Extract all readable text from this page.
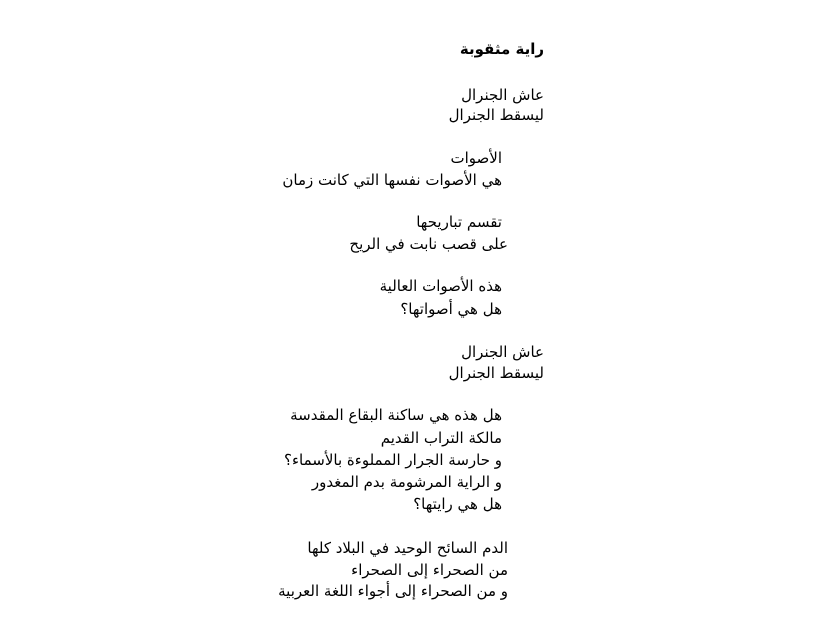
راية مثقوبة
عاش الجنرال
ليسقط الجنرال
الأصوات
هي الأصوات نفسها التي كانت زمان
تقسم تباريحها
على قصب نابت في الريح
هذه الأصوات العالية
هل هي أصواتها؟
عاش الجنرال
ليسقط الجنرال
هل هذه هي ساكنة البقاع المقدسة
مالكة التراب القديم
و حارسة الجرار المملوءة بالأسماء؟
و الراية المرشومة بدم المغدور
هل هي رايتها؟
الدم السائح الوحيد في البلاد كلها
من الصحراء إلى الصحراء
و من الصحراء إلى أجواء اللغة العربية
